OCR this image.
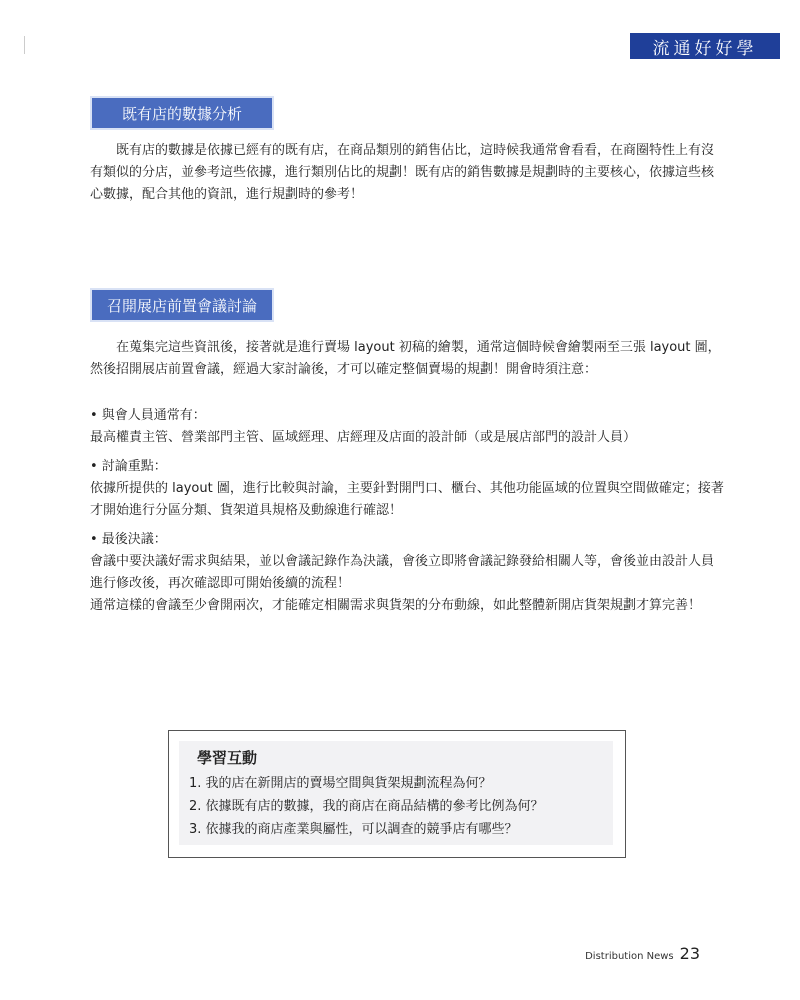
流通好好學
既有店的數據分析

既有店的數據是依據已經有的既有店，在商品類別的銷售佔比，這時候我通常會看看，在商圈特性上有沒有類似的分店，並參考這些依據，進行類別佔比的規劃！既有店的銷售數據是規劃時的主要核心，依據這些核心數據，配合其他的資訊，進行規劃時的參考！

召開展店前置會議討論

在蒐集完這些資訊後，接著就是進行賣場 layout 初稿的繪製，通常這個時候會繪製兩至三張 layout 圖，然後招開展店前置會議，經過大家討論後，才可以確定整個賣場的規劃！開會時須注意：

• 與會人員通常有：

最高權責主管、營業部門主管、區域經理、店經理及店面的設計師（或是展店部門的設計人員）

• 討論重點：

依據所提供的 layout 圖，進行比較與討論，主要針對開門口、櫃台、其他功能區域的位置與空間做確定；接著才開始進行分區分類、貨架道具規格及動線進行確認！

• 最後決議：

會議中要決議好需求與結果，並以會議記錄作為決議，會後立即將會議記錄發給相關人等，會後並由設計人員進行修改後，再次確認即可開始後續的流程！

通常這樣的會議至少會開兩次，才能確定相關需求與貨架的分布動線，如此整體新開店貨架規劃才算完善！

學習互動

1. 我的店在新開店的賣場空間與貨架規劃流程為何？
2. 依據既有店的數據，我的商店在商品結構的參考比例為何？
3. 依據我的商店產業與屬性，可以調查的競爭店有哪些？
Distribution News 23
